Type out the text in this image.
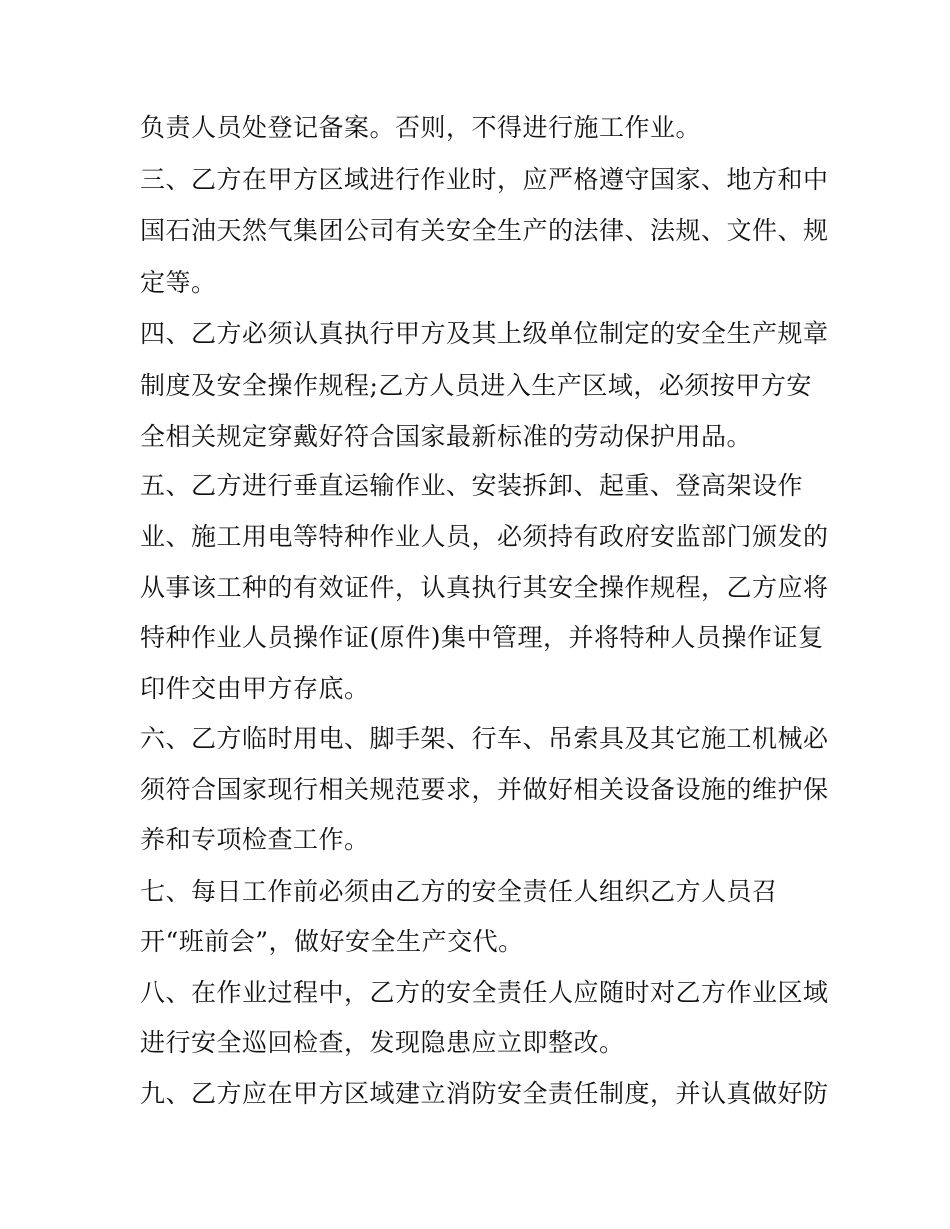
负责人员处登记备案。否则，不得进行施工作业。
三、乙方在甲方区域进行作业时，应严格遵守国家、地方和中
国石油天然气集团公司有关安全生产的法律、法规、文件、规
定等。
四、乙方必须认真执行甲方及其上级单位制定的安全生产规章
制度及安全操作规程;乙方人员进入生产区域，必须按甲方安
全相关规定穿戴好符合国家最新标准的劳动保护用品。
五、乙方进行垂直运输作业、安装拆卸、起重、登高架设作
业、施工用电等特种作业人员，必须持有政府安监部门颁发的
从事该工种的有效证件，认真执行其安全操作规程，乙方应将
特种作业人员操作证(原件)集中管理，并将特种人员操作证复
印件交由甲方存底。
六、乙方临时用电、脚手架、行车、吊索具及其它施工机械必
须符合国家现行相关规范要求，并做好相关设备设施的维护保
养和专项检查工作。
七、每日工作前必须由乙方的安全责任人组织乙方人员召
开“班前会”，做好安全生产交代。
八、在作业过程中，乙方的安全责任人应随时对乙方作业区域
进行安全巡回检查，发现隐患应立即整改。
九、乙方应在甲方区域建立消防安全责任制度，并认真做好防
